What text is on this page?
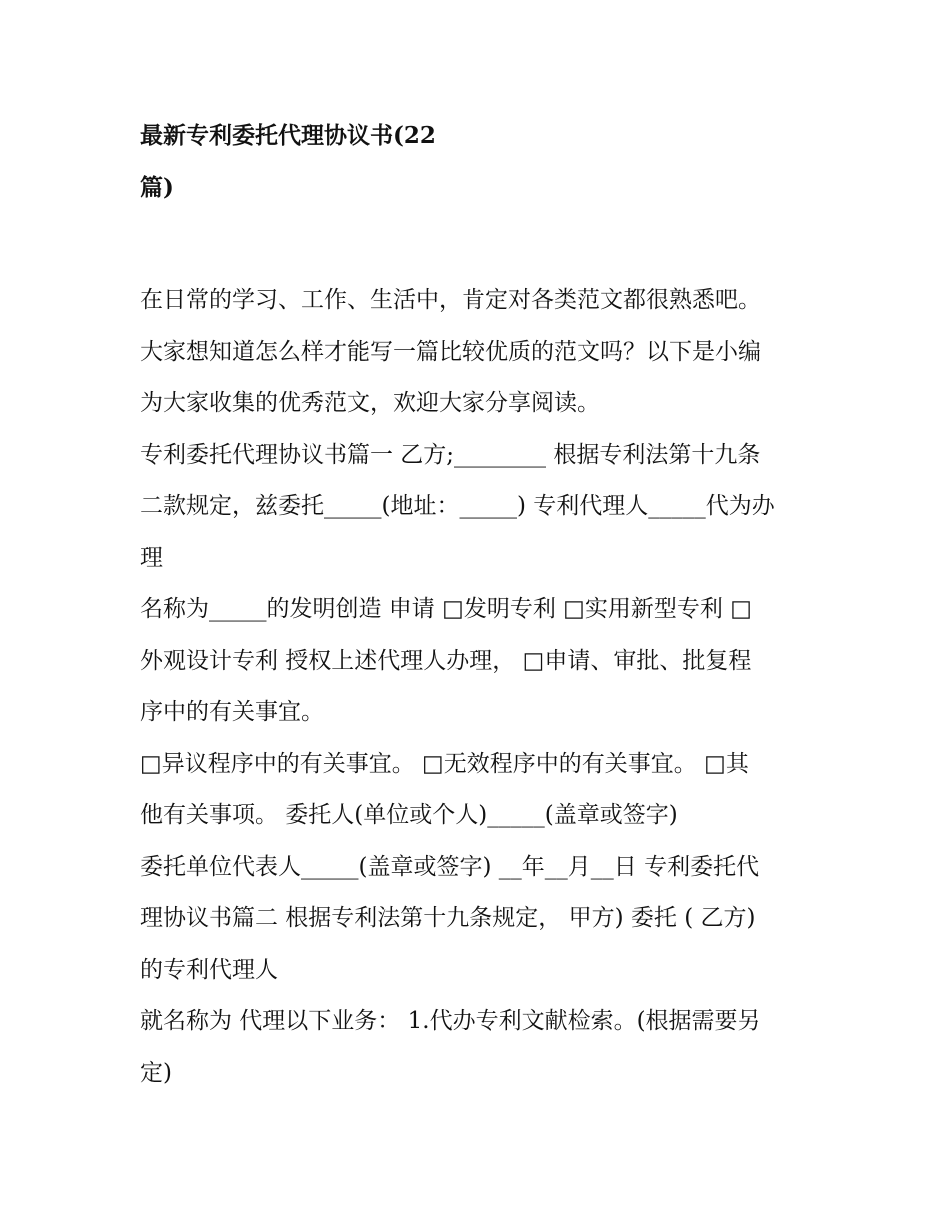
最新专利委托代理协议书(22
篇)
在日常的学习、工作、生活中，肯定对各类范文都很熟悉吧。
大家想知道怎么样才能写一篇比较优质的范文吗？以下是小编
为大家收集的优秀范文，欢迎大家分享阅读。
专利委托代理协议书篇一 乙方;________ 根据专利法第十九条
二款规定，兹委托_____(地址：_____) 专利代理人_____代为办
理
名称为_____的发明创造 申请 □发明专利 □实用新型专利 □
外观设计专利 授权上述代理人办理， □申请、审批、批复程
序中的有关事宜。
□异议程序中的有关事宜。 □无效程序中的有关事宜。 □其
他有关事项。 委托人(单位或个人)_____(盖章或签字)
委托单位代表人_____(盖章或签字) __年__月__日 专利委托代
理协议书篇二 根据专利法第十九条规定， 甲方) 委托 ( 乙方)
的专利代理人
就名称为 代理以下业务： 1.代办专利文献检索。(根据需要另
定)
